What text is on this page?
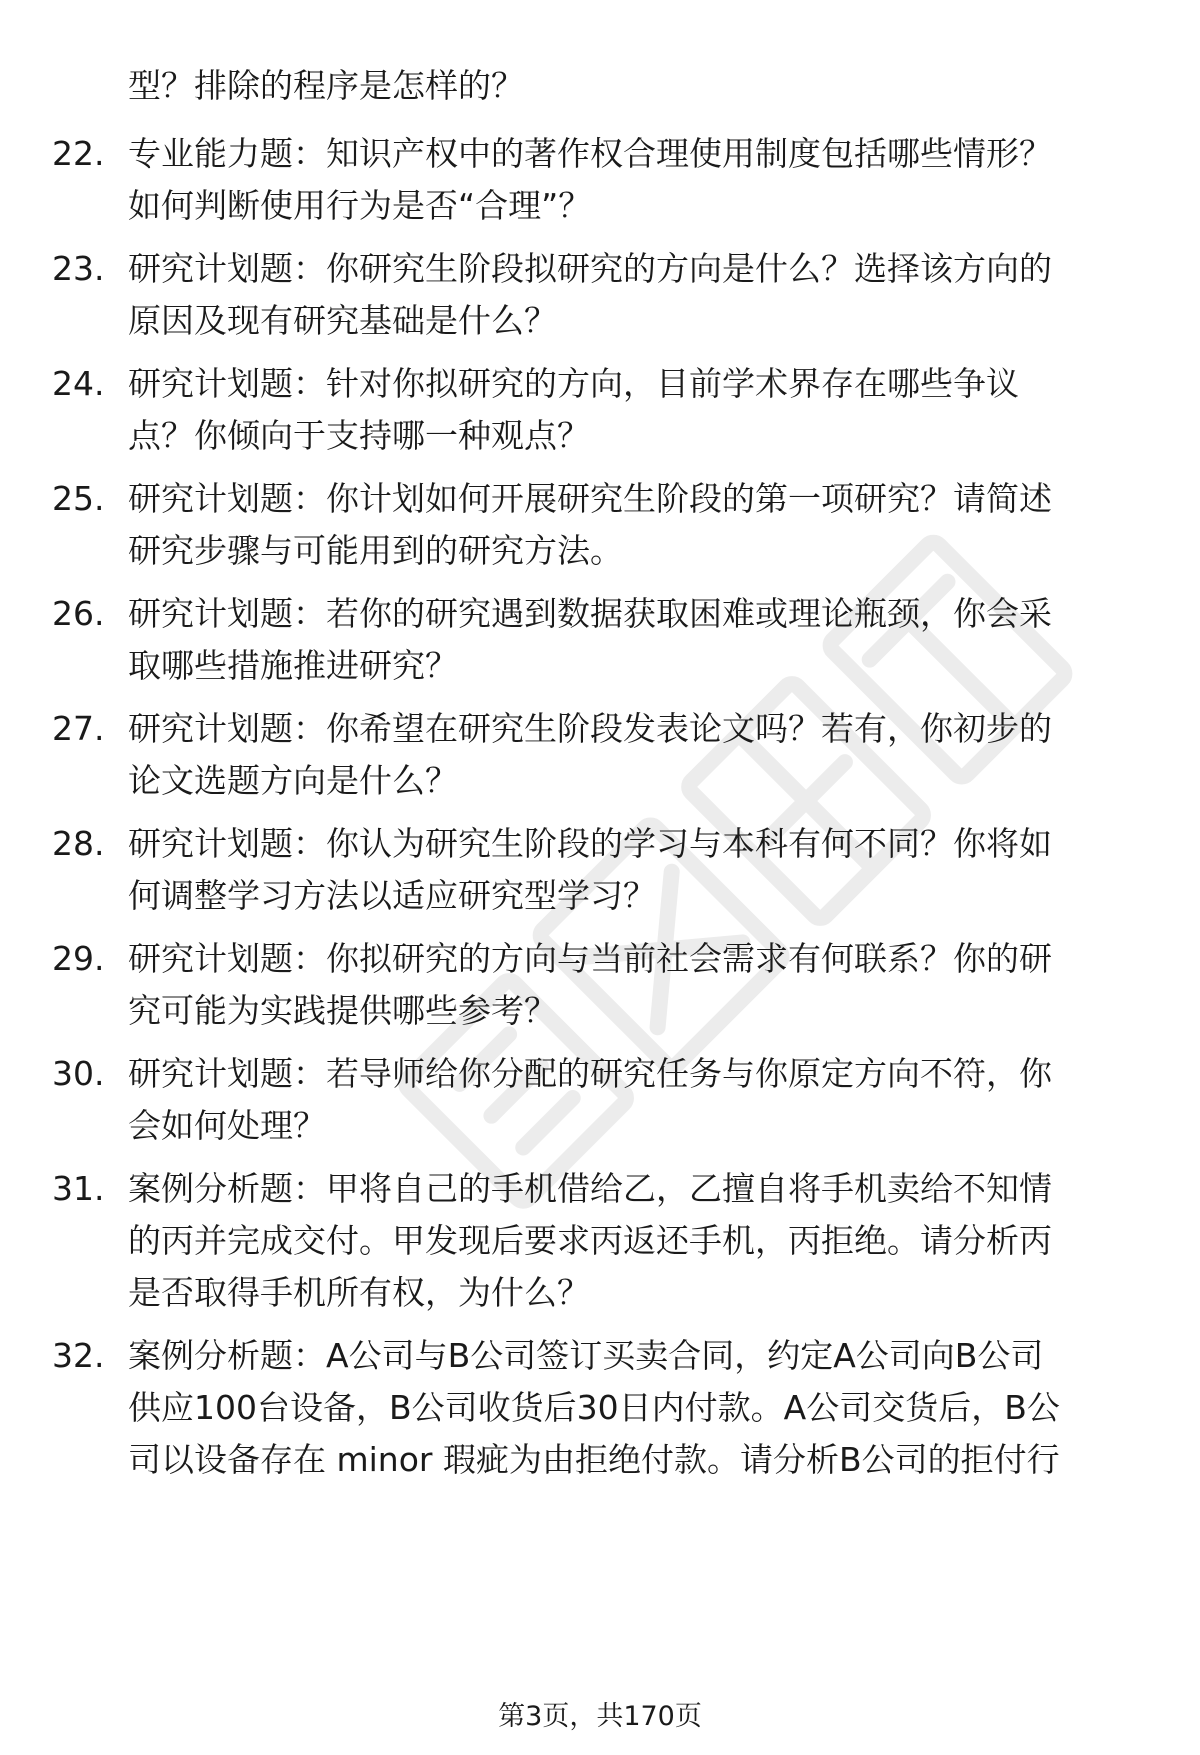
型？排除的程序是怎样的？
22. 专业能力题：知识产权中的著作权合理使用制度包括哪些情形？
如何判断使用行为是否“合理”？
23. 研究计划题：你研究生阶段拟研究的方向是什么？选择该方向的
原因及现有研究基础是什么？
24. 研究计划题：针对你拟研究的方向，目前学术界存在哪些争议
点？你倾向于支持哪一种观点？
25. 研究计划题：你计划如何开展研究生阶段的第一项研究？请简述
研究步骤与可能用到的研究方法。
26. 研究计划题：若你的研究遇到数据获取困难或理论瓶颈，你会采
取哪些措施推进研究？
27. 研究计划题：你希望在研究生阶段发表论文吗？若有，你初步的
论文选题方向是什么？
28. 研究计划题：你认为研究生阶段的学习与本科有何不同？你将如
何调整学习方法以适应研究型学习？
29. 研究计划题：你拟研究的方向与当前社会需求有何联系？你的研
究可能为实践提供哪些参考？
30. 研究计划题：若导师给你分配的研究任务与你原定方向不符，你
会如何处理？
31. 案例分析题：甲将自己的手机借给乙，乙擅自将手机卖给不知情
的丙并完成交付。甲发现后要求丙返还手机，丙拒绝。请分析丙
是否取得手机所有权，为什么？
32. 案例分析题：A公司与B公司签订买卖合同，约定A公司向B公司
供应100台设备，B公司收货后30日内付款。A公司交货后，B公
司以设备存在 minor 瑕疵为由拒绝付款。请分析B公司的拒付行
第3页，共170页
